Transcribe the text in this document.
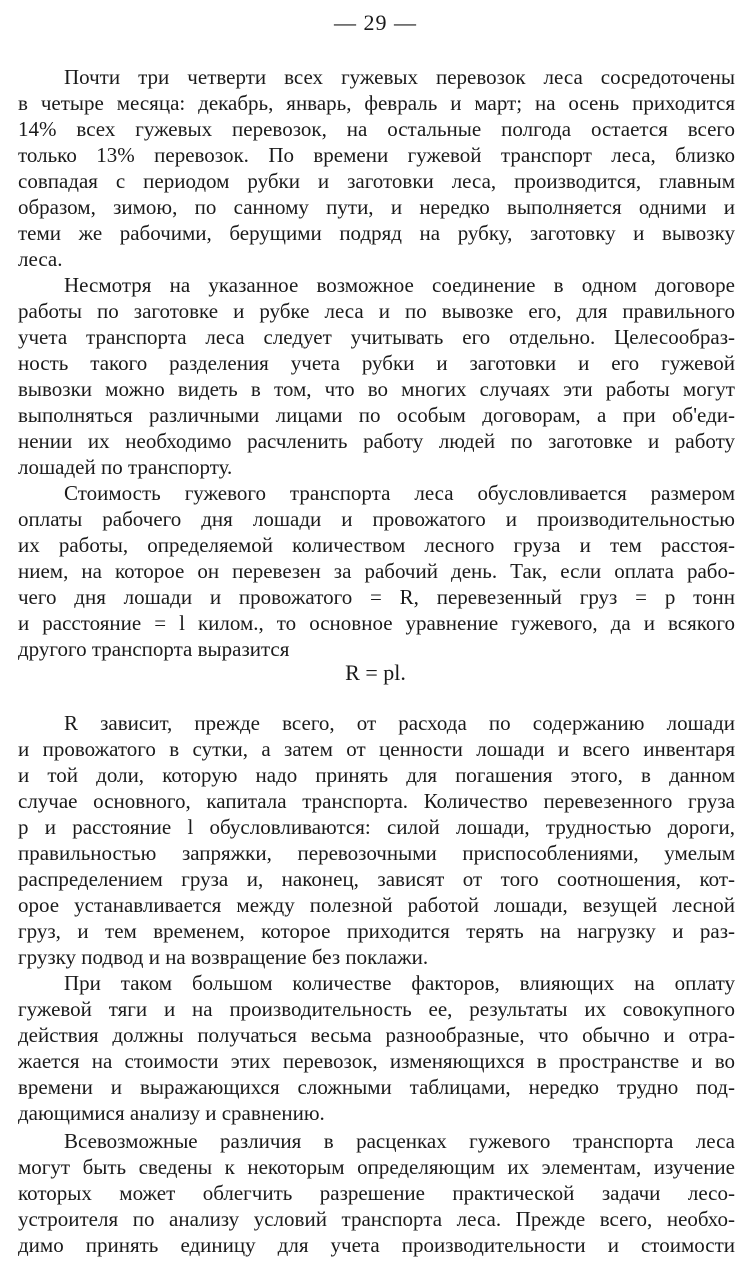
— 29 —
Почти три четверти всех гужевых перевозок леса сосредоточены
в четыре месяца: декабрь, январь, февраль и март; на осень приходится
14% всех гужевых перевозок, на остальные полгода остается всего
только 13% перевозок. По времени гужевой транспорт леса, близко
совпадая с периодом рубки и заготовки леса, производится, главным
образом, зимою, по санному пути, и нередко выполняется одними и
теми же рабочими, берущими подряд на рубку, заготовку и вывозку
леса.
Несмотря на указанное возможное соединение в одном договоре
работы по заготовке и рубке леса и по вывозке его, для правильного
учета транспорта леса следует учитывать его отдельно. Целесообраз-
ность такого разделения учета рубки и заготовки и его гужевой
вывозки можно видеть в том, что во многих случаях эти работы могут
выполняться различными лицами по особым договорам, а при об'еди-
нении их необходимо расчленить работу людей по заготовке и работу
лошадей по транспорту.
Стоимость гужевого транспорта леса обусловливается размером
оплаты рабочего дня лошади и провожатого и производительностью
их работы, определяемой количеством лесного груза и тем расстоя-
нием, на которое он перевезен за рабочий день. Так, если оплата рабо-
чего дня лошади и провожатого = R, перевезенный груз = p тонн
и расстояние = l килом., то основное уравнение гужевого, да и всякого
другого транспорта выразится
R = pl.
R зависит, прежде всего, от расхода по содержанию лошади
и провожатого в сутки, а затем от ценности лошади и всего инвентаря
и той доли, которую надо принять для погашения этого, в данном
случае основного, капитала транспорта. Количество перевезенного груза
p и расстояние l обусловливаются: силой лошади, трудностью дороги,
правильностью запряжки, перевозочными приспособлениями, умелым
распределением груза и, наконец, зависят от того соотношения, кот-
орое устанавливается между полезной работой лошади, везущей лесной
груз, и тем временем, которое приходится терять на нагрузку и раз-
грузку подвод и на возвращение без поклажи.
При таком большом количестве факторов, влияющих на оплату
гужевой тяги и на производительность ее, результаты их совокупного
действия должны получаться весьма разнообразные, что обычно и отра-
жается на стоимости этих перевозок, изменяющихся в пространстве и во
времени и выражающихся сложными таблицами, нередко трудно под-
дающимися анализу и сравнению.
Всевозможные различия в расценках гужевого транспорта леса
могут быть сведены к некоторым определяющим их элементам, изучение
которых может облегчить разрешение практической задачи лесо-
устроителя по анализу условий транспорта леса. Прежде всего, необхо-
димо принять единицу для учета производительности и стоимости
